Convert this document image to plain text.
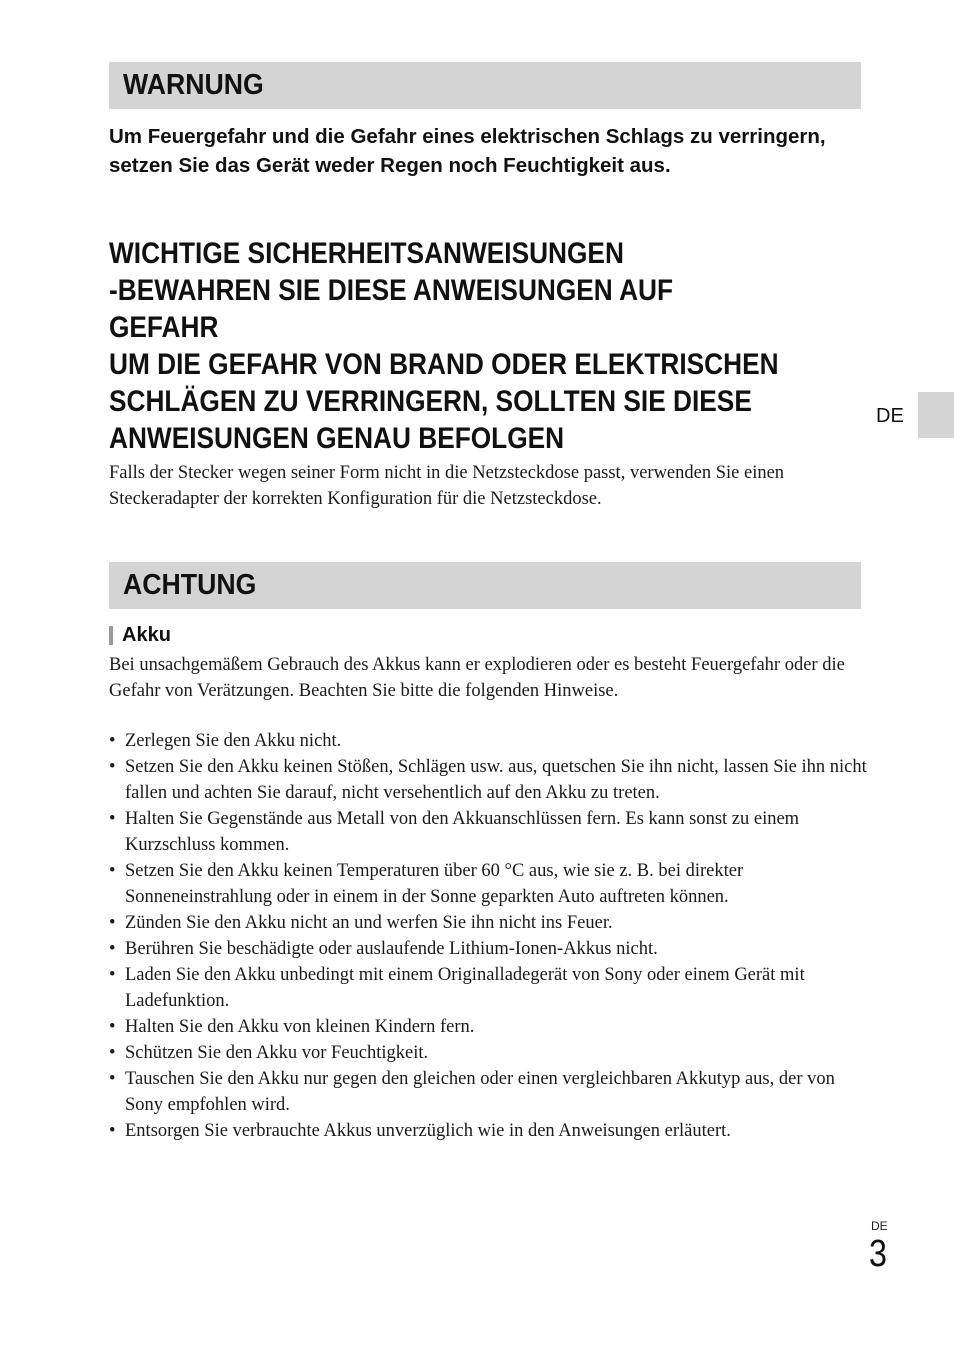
WARNUNG
Um Feuergefahr und die Gefahr eines elektrischen Schlags zu verringern, setzen Sie das Gerät weder Regen noch Feuchtigkeit aus.
WICHTIGE SICHERHEITSANWEISUNGEN
-BEWAHREN SIE DIESE ANWEISUNGEN AUF
GEFAHR
UM DIE GEFAHR VON BRAND ODER ELEKTRISCHEN
SCHLÄGEN ZU VERRINGERN, SOLLTEN SIE DIESE
ANWEISUNGEN GENAU BEFOLGEN
Falls der Stecker wegen seiner Form nicht in die Netzsteckdose passt, verwenden Sie einen Steckeradapter der korrekten Konfiguration für die Netzsteckdose.
ACHTUNG
Akku
Bei unsachgemäßem Gebrauch des Akkus kann er explodieren oder es besteht Feuergefahr oder die Gefahr von Verätzungen. Beachten Sie bitte die folgenden Hinweise.
• Zerlegen Sie den Akku nicht.
• Setzen Sie den Akku keinen Stößen, Schlägen usw. aus, quetschen Sie ihn nicht, lassen Sie ihn nicht fallen und achten Sie darauf, nicht versehentlich auf den Akku zu treten.
• Halten Sie Gegenstände aus Metall von den Akkuanschlüssen fern. Es kann sonst zu einem Kurzschluss kommen.
• Setzen Sie den Akku keinen Temperaturen über 60 °C aus, wie sie z. B. bei direkter Sonneneinstrahlung oder in einem in der Sonne geparkten Auto auftreten können.
• Zünden Sie den Akku nicht an und werfen Sie ihn nicht ins Feuer.
• Berühren Sie beschädigte oder auslaufende Lithium-Ionen-Akkus nicht.
• Laden Sie den Akku unbedingt mit einem Originalladegerät von Sony oder einem Gerät mit Ladefunktion.
• Halten Sie den Akku von kleinen Kindern fern.
• Schützen Sie den Akku vor Feuchtigkeit.
• Tauschen Sie den Akku nur gegen den gleichen oder einen vergleichbaren Akkutyp aus, der von Sony empfohlen wird.
• Entsorgen Sie verbrauchte Akkus unverzüglich wie in den Anweisungen erläutert.
DE
DE
3
